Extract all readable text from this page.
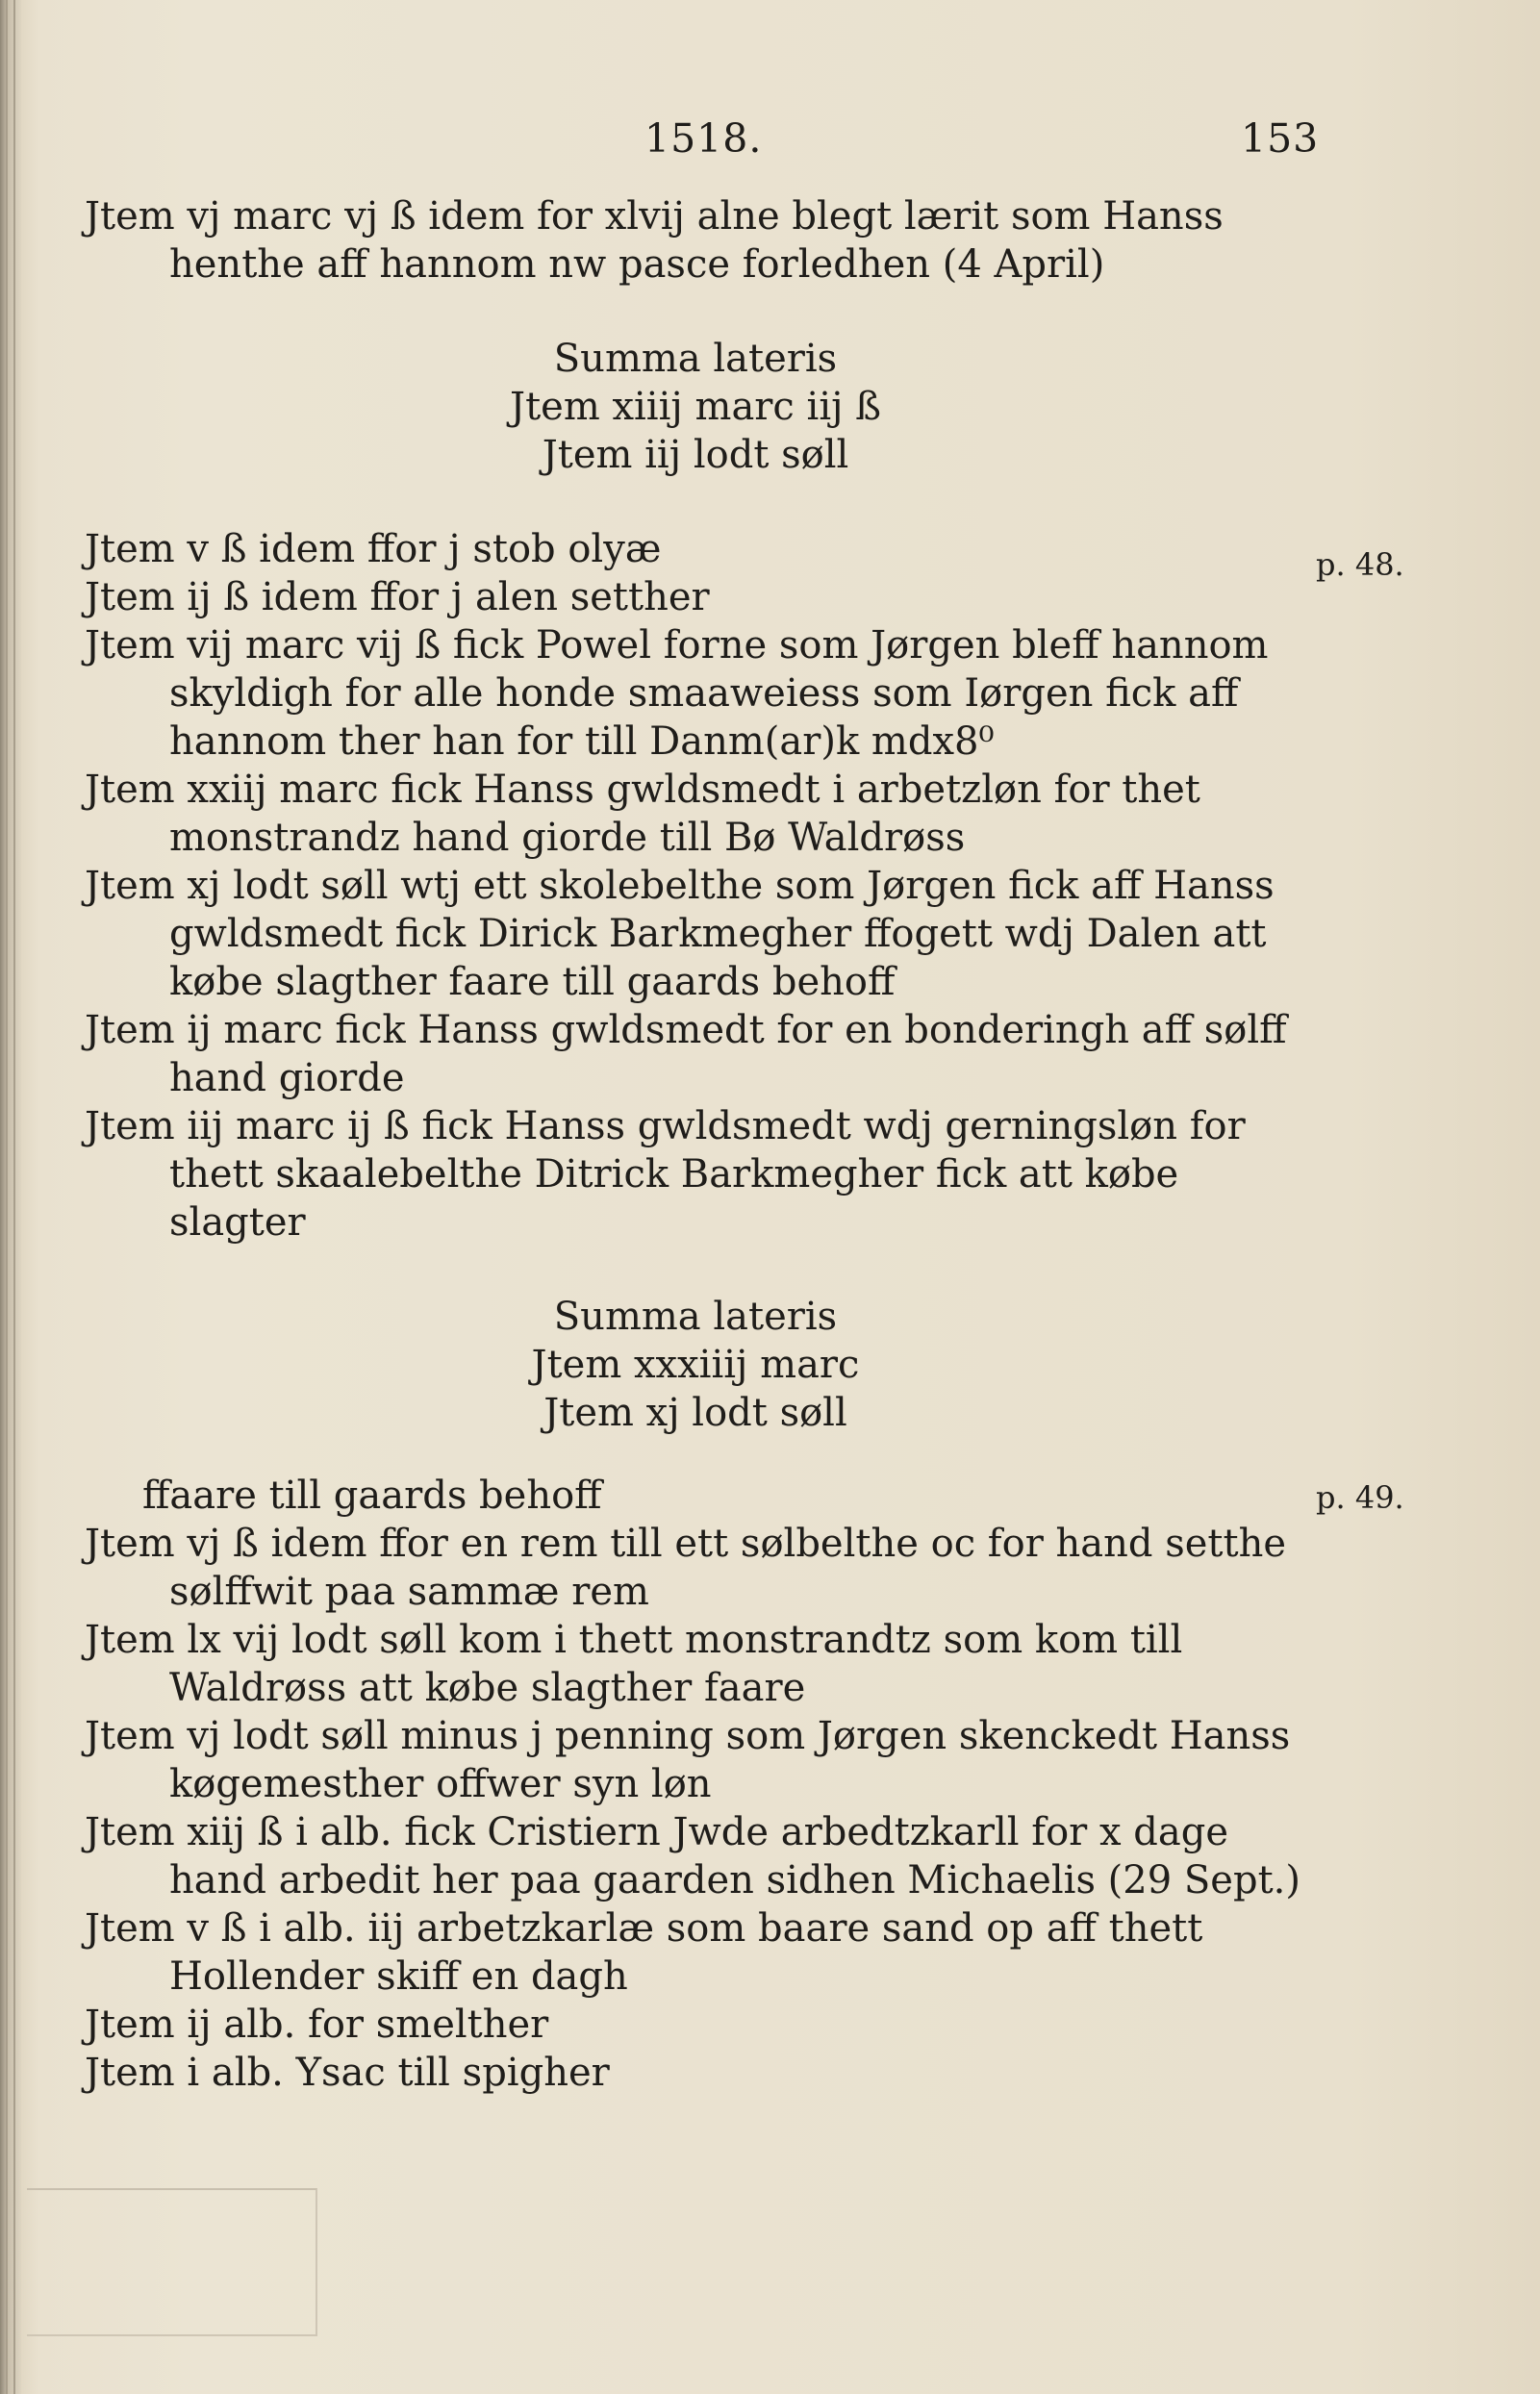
1518.	153
p. 48.
p. 49.

Jtem vj marc vj ß idem for xlvij alne blegt lærit som Hanss henthe aff hannom nw pasce forledhen (4 April)

Summa lateris

Jtem xiiij marc iij ß

Jtem iij lodt søll

Jtem v ß idem ffor j stob olyæ

Jtem ij ß idem ffor j alen setther

Jtem vij marc vij ß fick Powel forne som Jørgen bleff hannom skyldigh for alle honde smaaweiess som Iørgen fick aff hannom ther han for till Danm(ar)k mdx8⁰

Jtem xxiij marc fick Hanss gwldsmedt i arbetzløn for thet monstrandz hand giorde till Bø Waldrøss

Jtem xj lodt søll wtj ett skolebelthe som Jørgen fick aff Hanss gwldsmedt fick Dirick Barkmegher ffogett wdj Dalen att købe slagther faare till gaards behoff

Jtem ij marc fick Hanss gwldsmedt for en bonderingh aff sølff hand giorde

Jtem iij marc ij ß fick Hanss gwldsmedt wdj gerningsløn for thett skaalebelthe Ditrick Barkmegher fick att købe slagter

Summa lateris

Jtem xxxiiij marc

Jtem xj lodt søll

ffaare till gaards behoff

Jtem vj ß idem ffor en rem till ett sølbelthe oc for hand setthe sølffwit paa sammæ rem

Jtem lx vij lodt søll kom i thett monstrandtz som kom till Waldrøss att købe slagther faare

Jtem vj lodt søll minus j penning som Jørgen skenckedt Hanss køgemesther offwer syn løn

Jtem xiij ß i alb. fick Cristiern Jwde arbedtzkarll for x dage hand arbedit her paa gaarden sidhen Michaelis (29 Sept.)

Jtem v ß i alb. iij arbetzkarlæ som baare sand op aff thett Hollender skiff en dagh

Jtem ij alb. for smelther

Jtem i alb. Ysac till spigher
